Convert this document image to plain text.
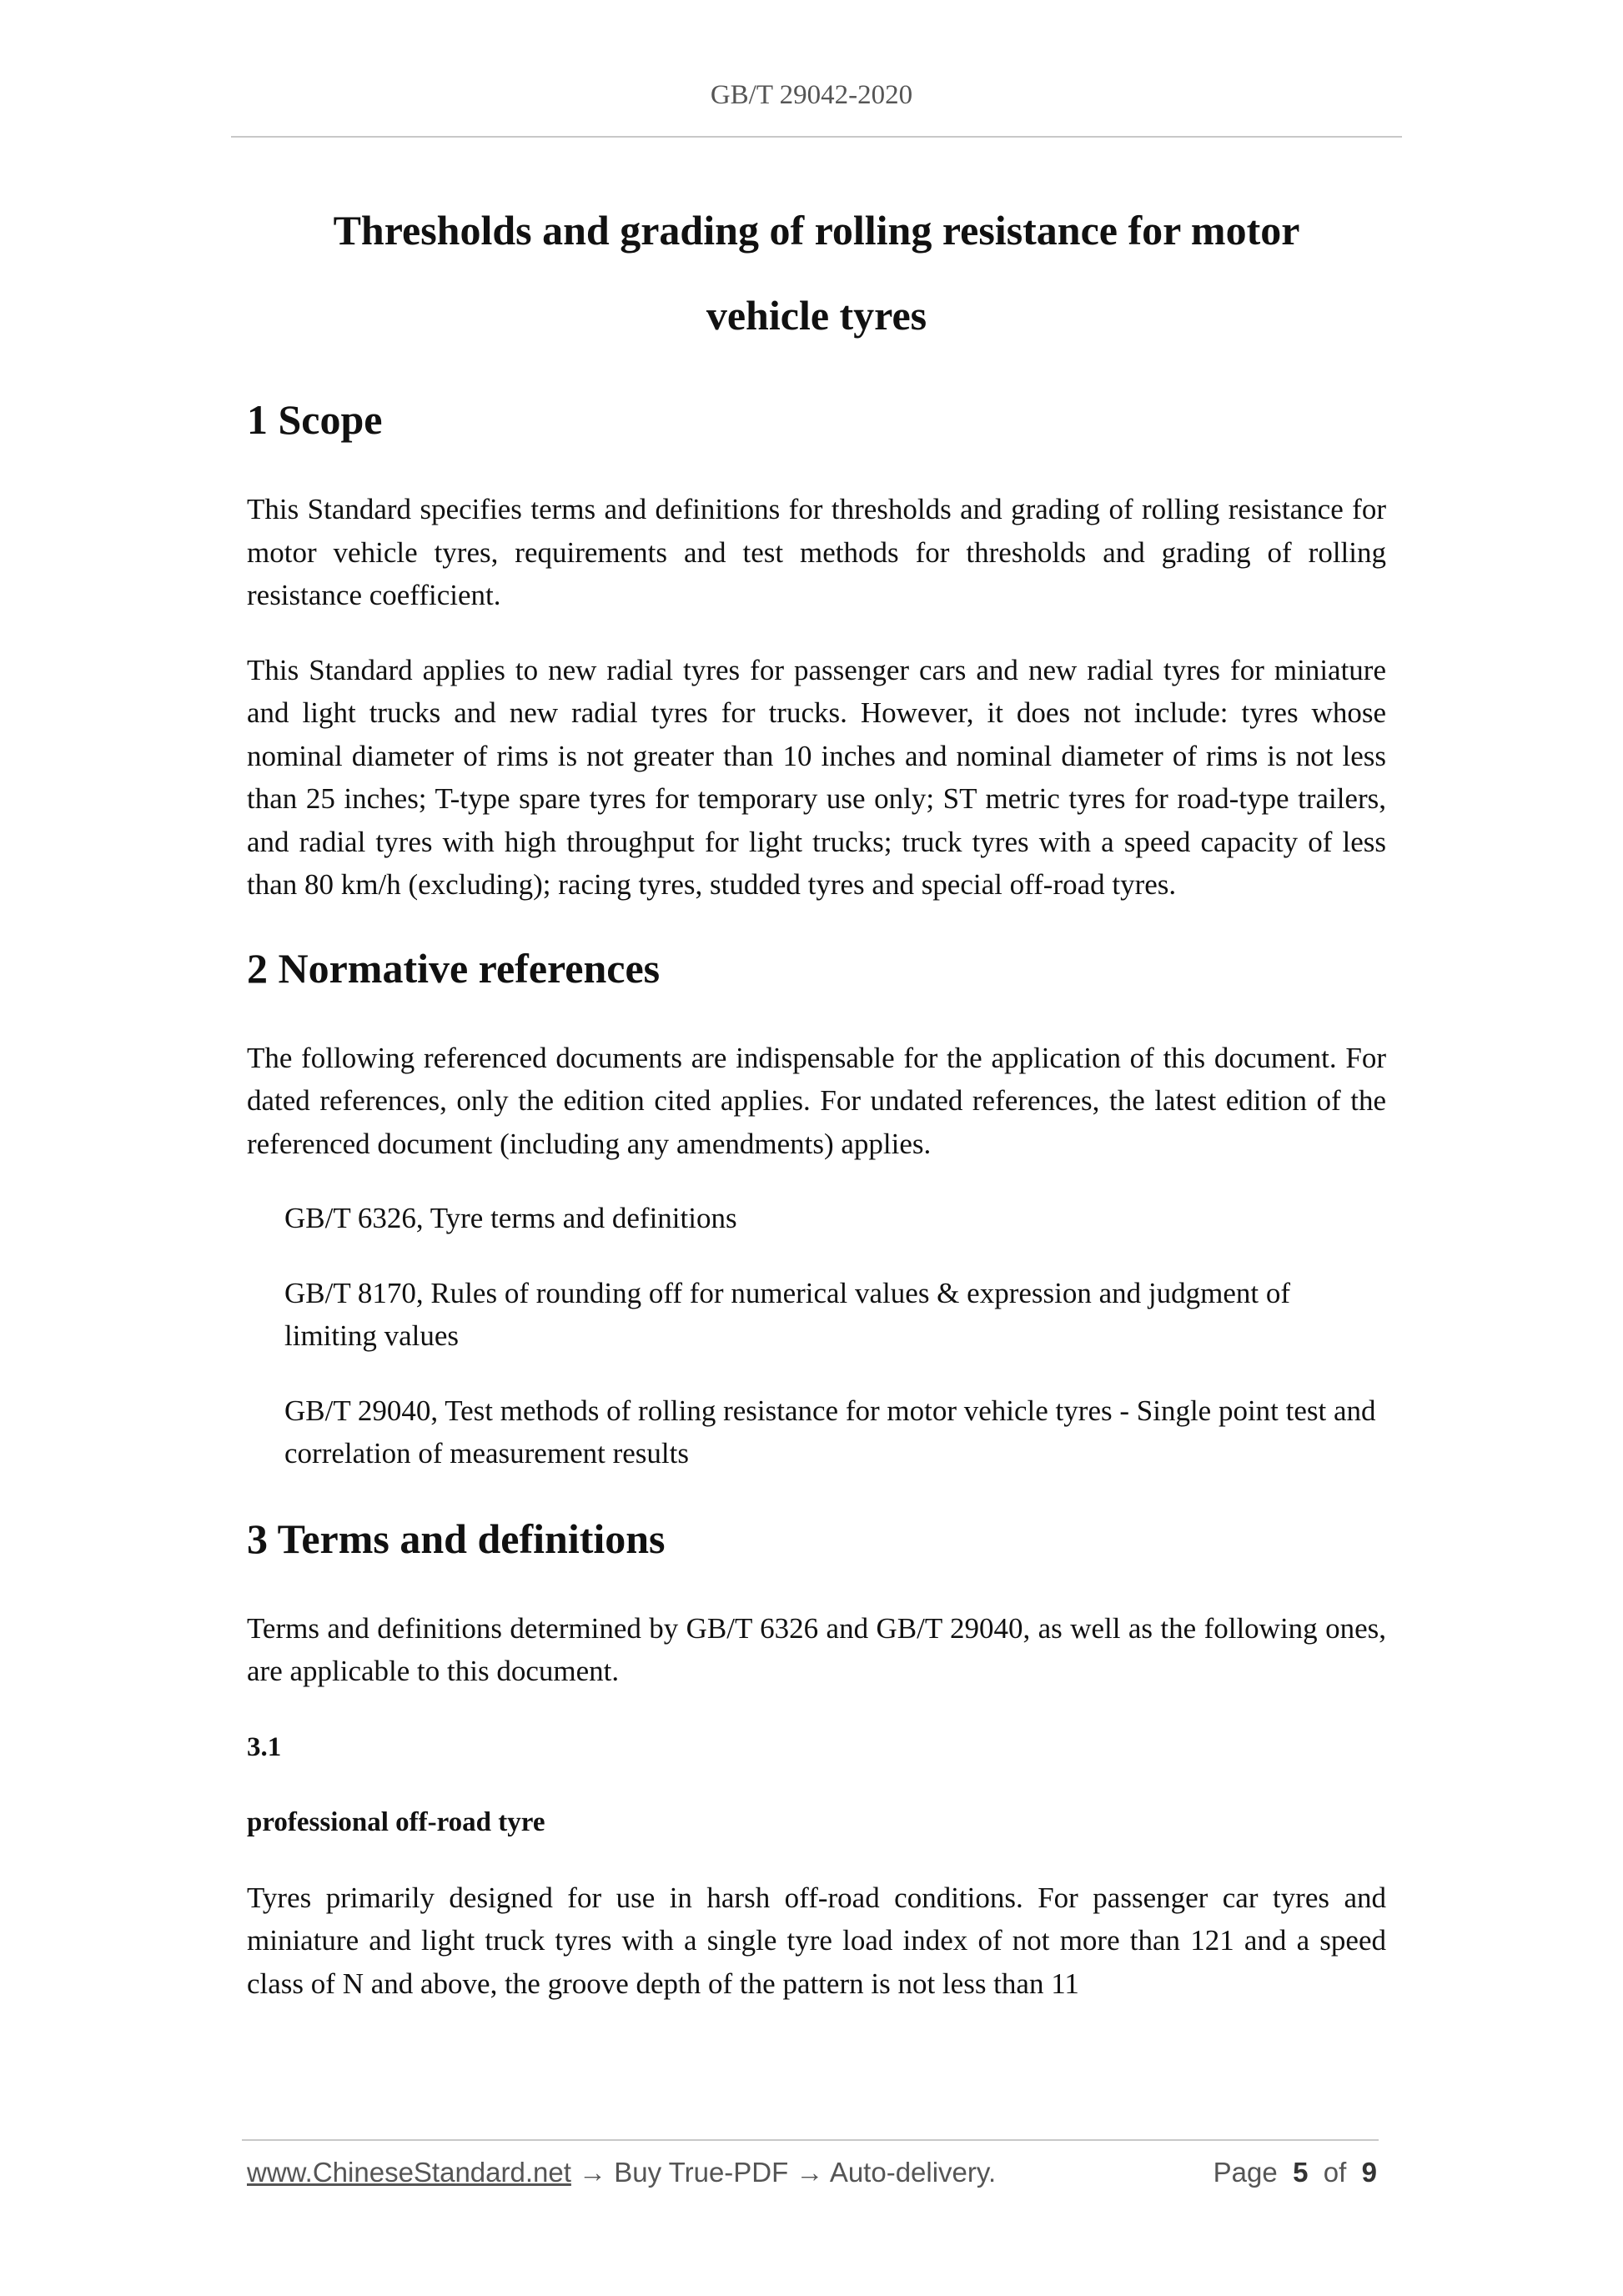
GB/T 29042-2020
Thresholds and grading of rolling resistance for motor
vehicle tyres
1 Scope

This Standard specifies terms and definitions for thresholds and grading of rolling resistance for motor vehicle tyres, requirements and test methods for thresholds and grading of rolling resistance coefficient.

This Standard applies to new radial tyres for passenger cars and new radial tyres for miniature and light trucks and new radial tyres for trucks. However, it does not include: tyres whose nominal diameter of rims is not greater than 10 inches and nominal diameter of rims is not less than 25 inches; T-type spare tyres for temporary use only; ST metric tyres for road-type trailers, and radial tyres with high throughput for light trucks; truck tyres with a speed capacity of less than 80 km/h (excluding); racing tyres, studded tyres and special off-road tyres.

2 Normative references

The following referenced documents are indispensable for the application of this document. For dated references, only the edition cited applies. For undated references, the latest edition of the referenced document (including any amendments) applies.

GB/T 6326, Tyre terms and definitions

GB/T 8170, Rules of rounding off for numerical values & expression and judgment of limiting values

GB/T 29040, Test methods of rolling resistance for motor vehicle tyres - Single point test and correlation of measurement results

3 Terms and definitions

Terms and definitions determined by GB/T 6326 and GB/T 29040, as well as the following ones, are applicable to this document.

3.1

professional off-road tyre

Tyres primarily designed for use in harsh off-road conditions. For passenger car tyres and miniature and light truck tyres with a single tyre load index of not more than 121 and a speed class of N and above, the groove depth of the pattern is not less than 11

www.ChineseStandard.net → Buy True-PDF → Auto-delivery.	Page 5 of 9
